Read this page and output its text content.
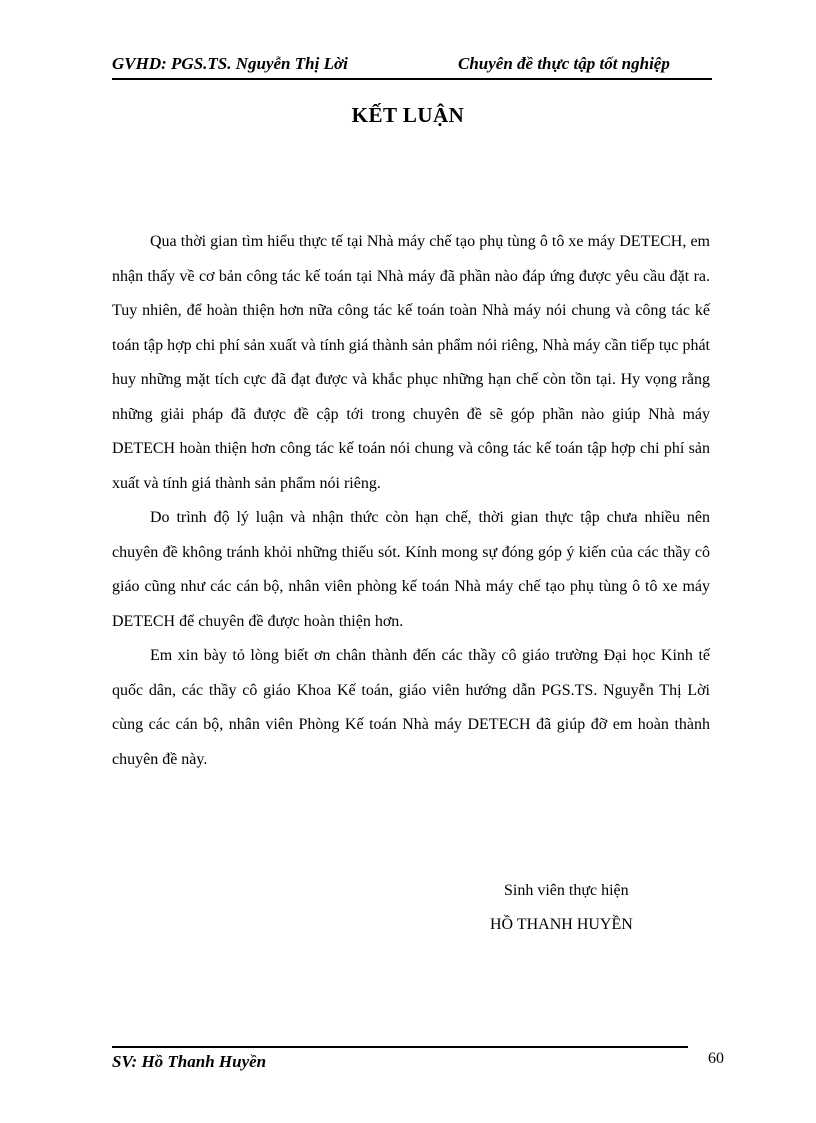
GVHD: PGS.TS. Nguyễn Thị Lời	Chuyên đề thực tập tốt nghiệp
KẾT LUẬN

Qua thời gian tìm hiểu thực tế tại Nhà máy chế tạo phụ tùng ô tô xe máy DETECH, em nhận thấy về cơ bản công tác kế toán tại Nhà máy đã phần nào đáp ứng được yêu cầu đặt ra. Tuy nhiên, để hoàn thiện hơn nữa công tác kế toán toàn Nhà máy nói chung và công tác kế toán tập hợp chi phí sản xuất và tính giá thành sản phẩm nói riêng, Nhà máy cần tiếp tục phát huy những mặt tích cực đã đạt được và khắc phục những hạn chế còn tồn tại. Hy vọng rằng những giải pháp đã được đề cập tới trong chuyên đề sẽ góp phần nào giúp Nhà máy DETECH hoàn thiện hơn công tác kế toán nói chung và công tác kế toán tập hợp chi phí sản xuất và tính giá thành sản phẩm nói riêng.

Do trình độ lý luận và nhận thức còn hạn chế, thời gian thực tập chưa nhiều nên chuyên đề không tránh khỏi những thiếu sót. Kính mong sự đóng góp ý kiến của các thầy cô giáo cũng như các cán bộ, nhân viên phòng kế toán Nhà máy chế tạo phụ tùng ô tô xe máy DETECH để chuyên đề được hoàn thiện hơn.

Em xin bày tỏ lòng biết ơn chân thành đến các thầy cô giáo trường Đại học Kinh tế quốc dân, các thầy cô giáo Khoa Kế toán, giáo viên hướng dẫn PGS.TS. Nguyễn Thị Lời cùng các cán bộ, nhân viên Phòng Kế toán Nhà máy DETECH đã giúp đỡ em hoàn thành chuyên đề này.

Sinh viên thực hiện
HỒ THANH HUYỀN
SV: Hồ Thanh Huyền	60
